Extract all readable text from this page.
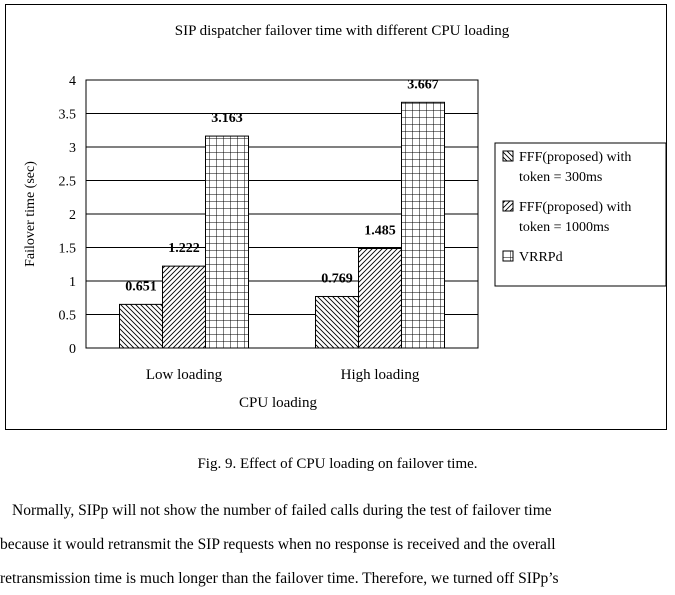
SIP dispatcher failover time with different CPU loading
0.651
1.222
3.163
0.769
1.485
3.667
0
0.5
1
1.5
2
2.5
3
3.5
4
Low loading	High loading
Failover time (sec)
CPU loading
FFF(proposed) with
token = 300ms
FFF(proposed) with
token = 1000ms
VRRPd
Fig. 9. Effect of CPU loading on failover time.
Normally, SIPp will not show the number of failed calls during the test of failover time
because it would retransmit the SIP requests when no response is received and the overall
retransmission time is much longer than the failover time. Therefore, we turned off SIPp’s
